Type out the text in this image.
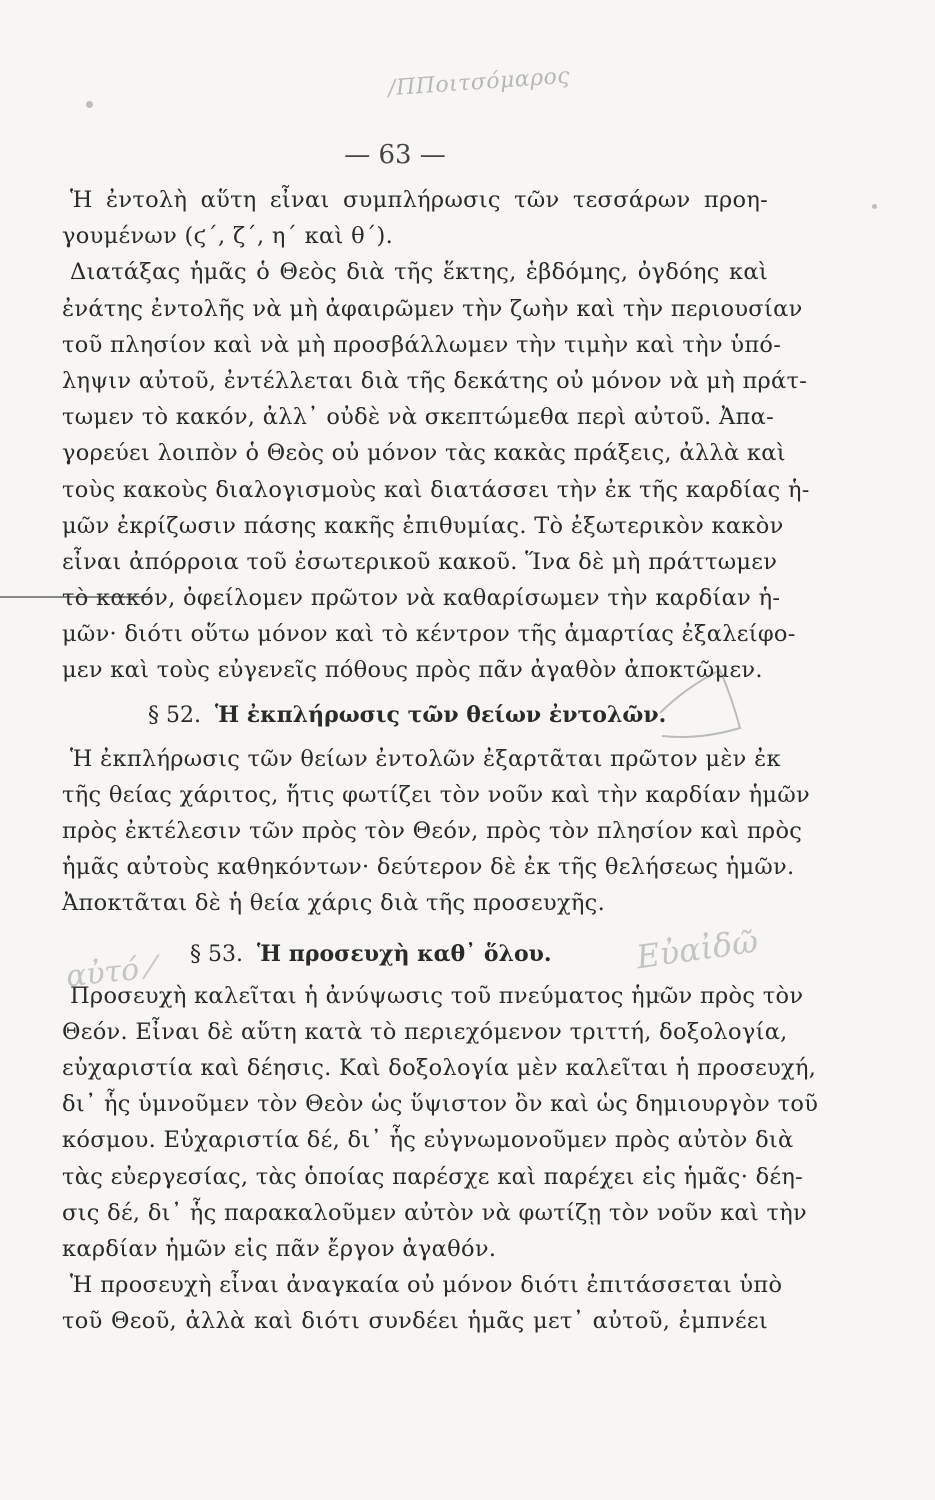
/ΠΠοιτσόμαρος
— 63 —
αὐτό ⁄	Εὐαἰδῶ
Ἡ ἐντολὴ αὕτη εἶναι συμπλήρωσις τῶν τεσσάρων προη-
γουμένων (ϛ΄, ζ΄, η΄ καὶ θ΄).
Διατάξας ἡμᾶς ὁ Θεὸς διὰ τῆς ἕκτης, ἑβδόμης, ὀγδόης καὶ
ἐνάτης ἐντολῆς νὰ μὴ ἀφαιρῶμεν τὴν ζωὴν καὶ τὴν περιουσίαν
τοῦ πλησίον καὶ νὰ μὴ προσβάλλωμεν τὴν τιμὴν καὶ τὴν ὑπό-
ληψιν αὐτοῦ, ἐντέλλεται διὰ τῆς δεκάτης οὐ μόνον νὰ μὴ πράτ-
τωμεν τὸ κακόν, ἀλλ᾽ οὐδὲ νὰ σκεπτώμεθα περὶ αὐτοῦ. Ἀπα-
γορεύει λοιπὸν ὁ Θεὸς οὐ μόνον τὰς κακὰς πράξεις, ἀλλὰ καὶ
τοὺς κακοὺς διαλογισμοὺς καὶ διατάσσει τὴν ἐκ τῆς καρδίας ἡ-
μῶν ἐκρίζωσιν πάσης κακῆς ἐπιθυμίας. Τὸ ἐξωτερικὸν κακὸν
εἶναι ἀπόρροια τοῦ ἐσωτερικοῦ κακοῦ. Ἵνα δὲ μὴ πράττωμεν
τὸ κακόν, ὀφείλομεν πρῶτον νὰ καθαρίσωμεν τὴν καρδίαν ἡ-
μῶν· διότι οὕτω μόνον καὶ τὸ κέντρον τῆς ἁμαρτίας ἐξαλείφο-
μεν καὶ τοὺς εὐγενεῖς πόθους πρὸς πᾶν ἀγαθὸν ἀποκτῶμεν.
§ 52. Ἡ ἐκπλήρωσις τῶν θείων ἐντολῶν.
Ἡ ἐκπλήρωσις τῶν θείων ἐντολῶν ἐξαρτᾶται πρῶτον μὲν ἐκ
τῆς θείας χάριτος, ἥτις φωτίζει τὸν νοῦν καὶ τὴν καρδίαν ἡμῶν
πρὸς ἐκτέλεσιν τῶν πρὸς τὸν Θεόν, πρὸς τὸν πλησίον καὶ πρὸς
ἡμᾶς αὐτοὺς καθηκόντων· δεύτερον δὲ ἐκ τῆς θελήσεως ἡμῶν.
Ἀποκτᾶται δὲ ἡ θεία χάρις διὰ τῆς προσευχῆς.
§ 53. Ἡ προσευχὴ καθ᾽ ὅλου.
Προσευχὴ καλεῖται ἡ ἀνύψωσις τοῦ πνεύματος ἡμῶν πρὸς τὸν
Θεόν. Εἶναι δὲ αὕτη κατὰ τὸ περιεχόμενον τριττή, δοξολογία,
εὐχαριστία καὶ δέησις. Καὶ δοξολογία μὲν καλεῖται ἡ προσευχή,
δι᾽ ἧς ὑμνοῦμεν τὸν Θεὸν ὡς ὕψιστον ὂν καὶ ὡς δημιουργὸν τοῦ
κόσμου. Εὐχαριστία δέ, δι᾽ ἧς εὐγνωμονοῦμεν πρὸς αὐτὸν διὰ
τὰς εὐεργεσίας, τὰς ὁποίας παρέσχε καὶ παρέχει εἰς ἡμᾶς· δέη-
σις δέ, δι᾽ ἧς παρακαλοῦμεν αὐτὸν νὰ φωτίζῃ τὸν νοῦν καὶ τὴν
καρδίαν ἡμῶν εἰς πᾶν ἔργον ἀγαθόν.
Ἡ προσευχὴ εἶναι ἀναγκαία οὐ μόνον διότι ἐπιτάσσεται ὑπὸ
τοῦ Θεοῦ, ἀλλὰ καὶ διότι συνδέει ἡμᾶς μετ᾽ αὐτοῦ, ἐμπνέει
